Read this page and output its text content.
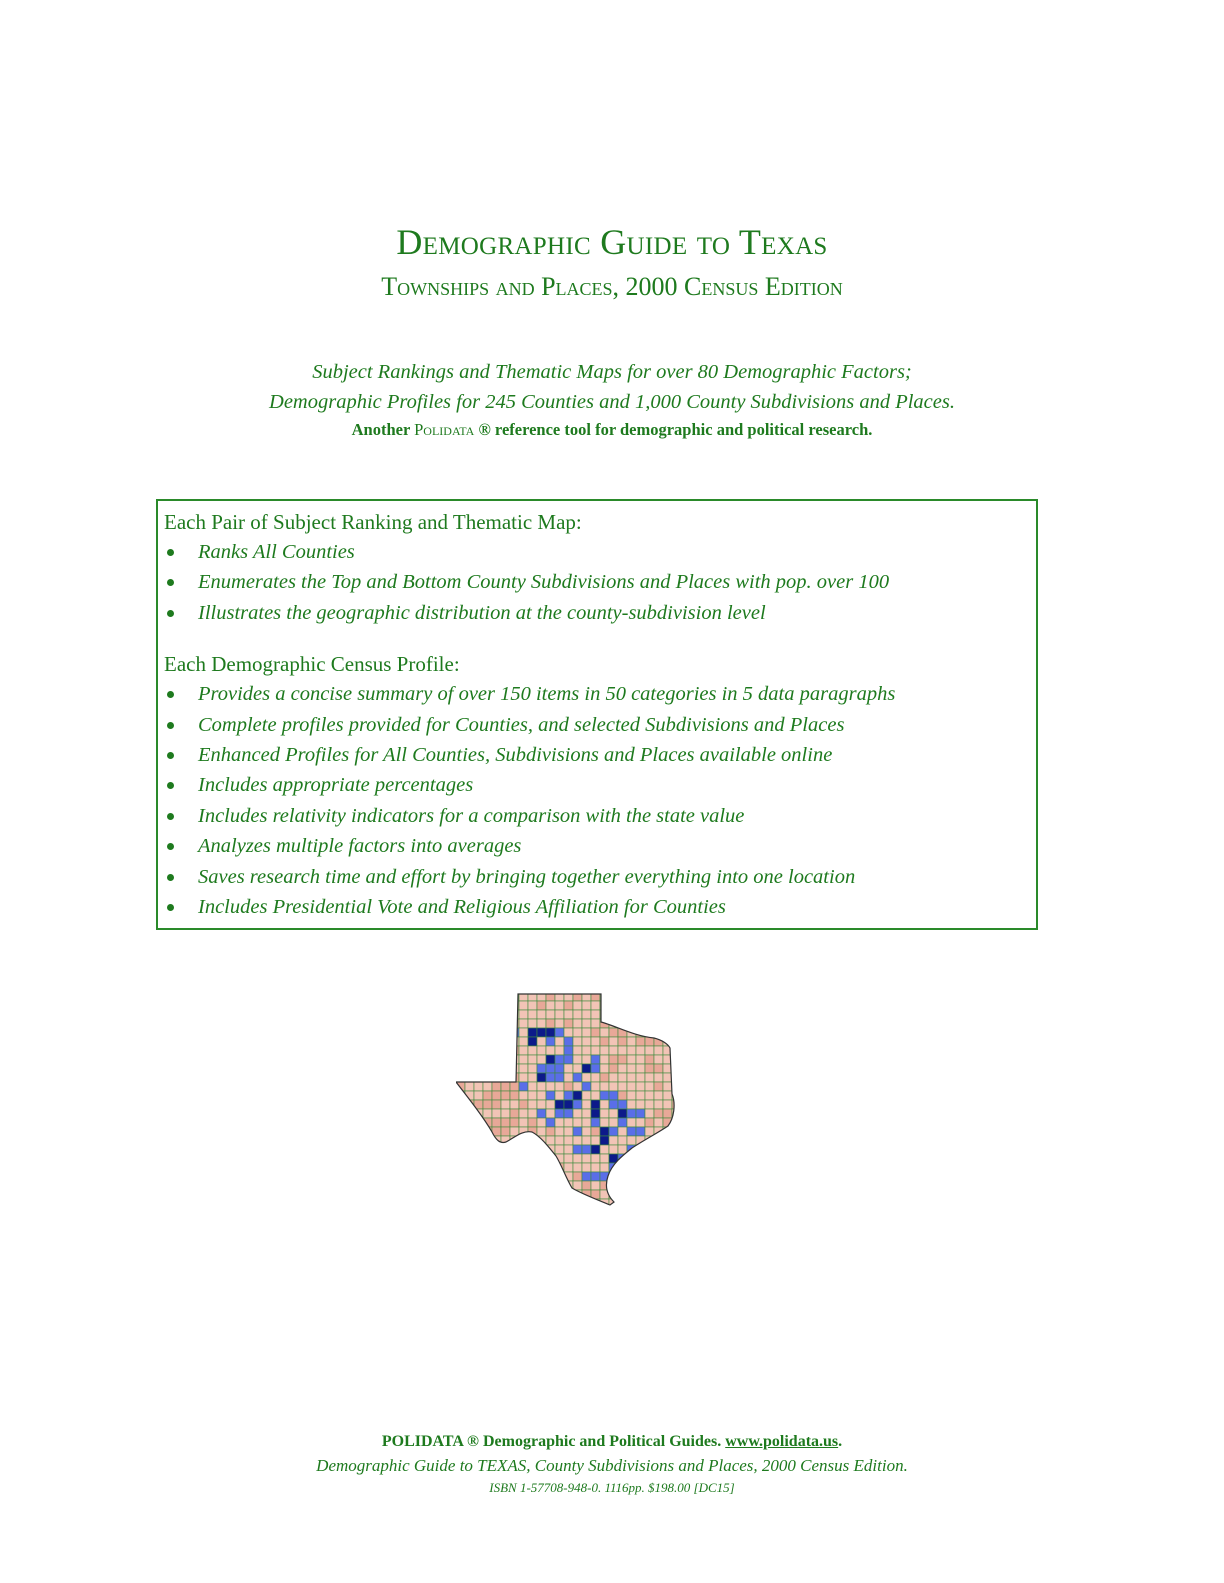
Demographic Guide to Texas
Townships and Places, 2000 Census Edition
Subject Rankings and Thematic Maps for over 80 Demographic Factors;
Demographic Profiles for 245 Counties and 1,000 County Subdivisions and Places.
Another Polidata ® reference tool for demographic and political research.
Each Pair of Subject Ranking and Thematic Map:
Ranks All Counties
Enumerates the Top and Bottom County Subdivisions and Places with pop. over 100
Illustrates the geographic distribution at the county-subdivision level
Each Demographic Census Profile:
Provides a concise summary of over 150 items in 50 categories in 5 data paragraphs
Complete profiles provided for Counties, and selected Subdivisions and Places
Enhanced Profiles for All Counties, Subdivisions and Places available online
Includes appropriate percentages
Includes relativity indicators for a comparison with the state value
Analyzes multiple factors into averages
Saves research time and effort by bringing together everything into one location
Includes Presidential Vote and Religious Affiliation for Counties
POLIDATA ® Demographic and Political Guides. www.polidata.us.
Demographic Guide to TEXAS, County Subdivisions and Places, 2000 Census Edition.
ISBN 1-57708-948-0. 1116pp. $198.00 [DC15]
